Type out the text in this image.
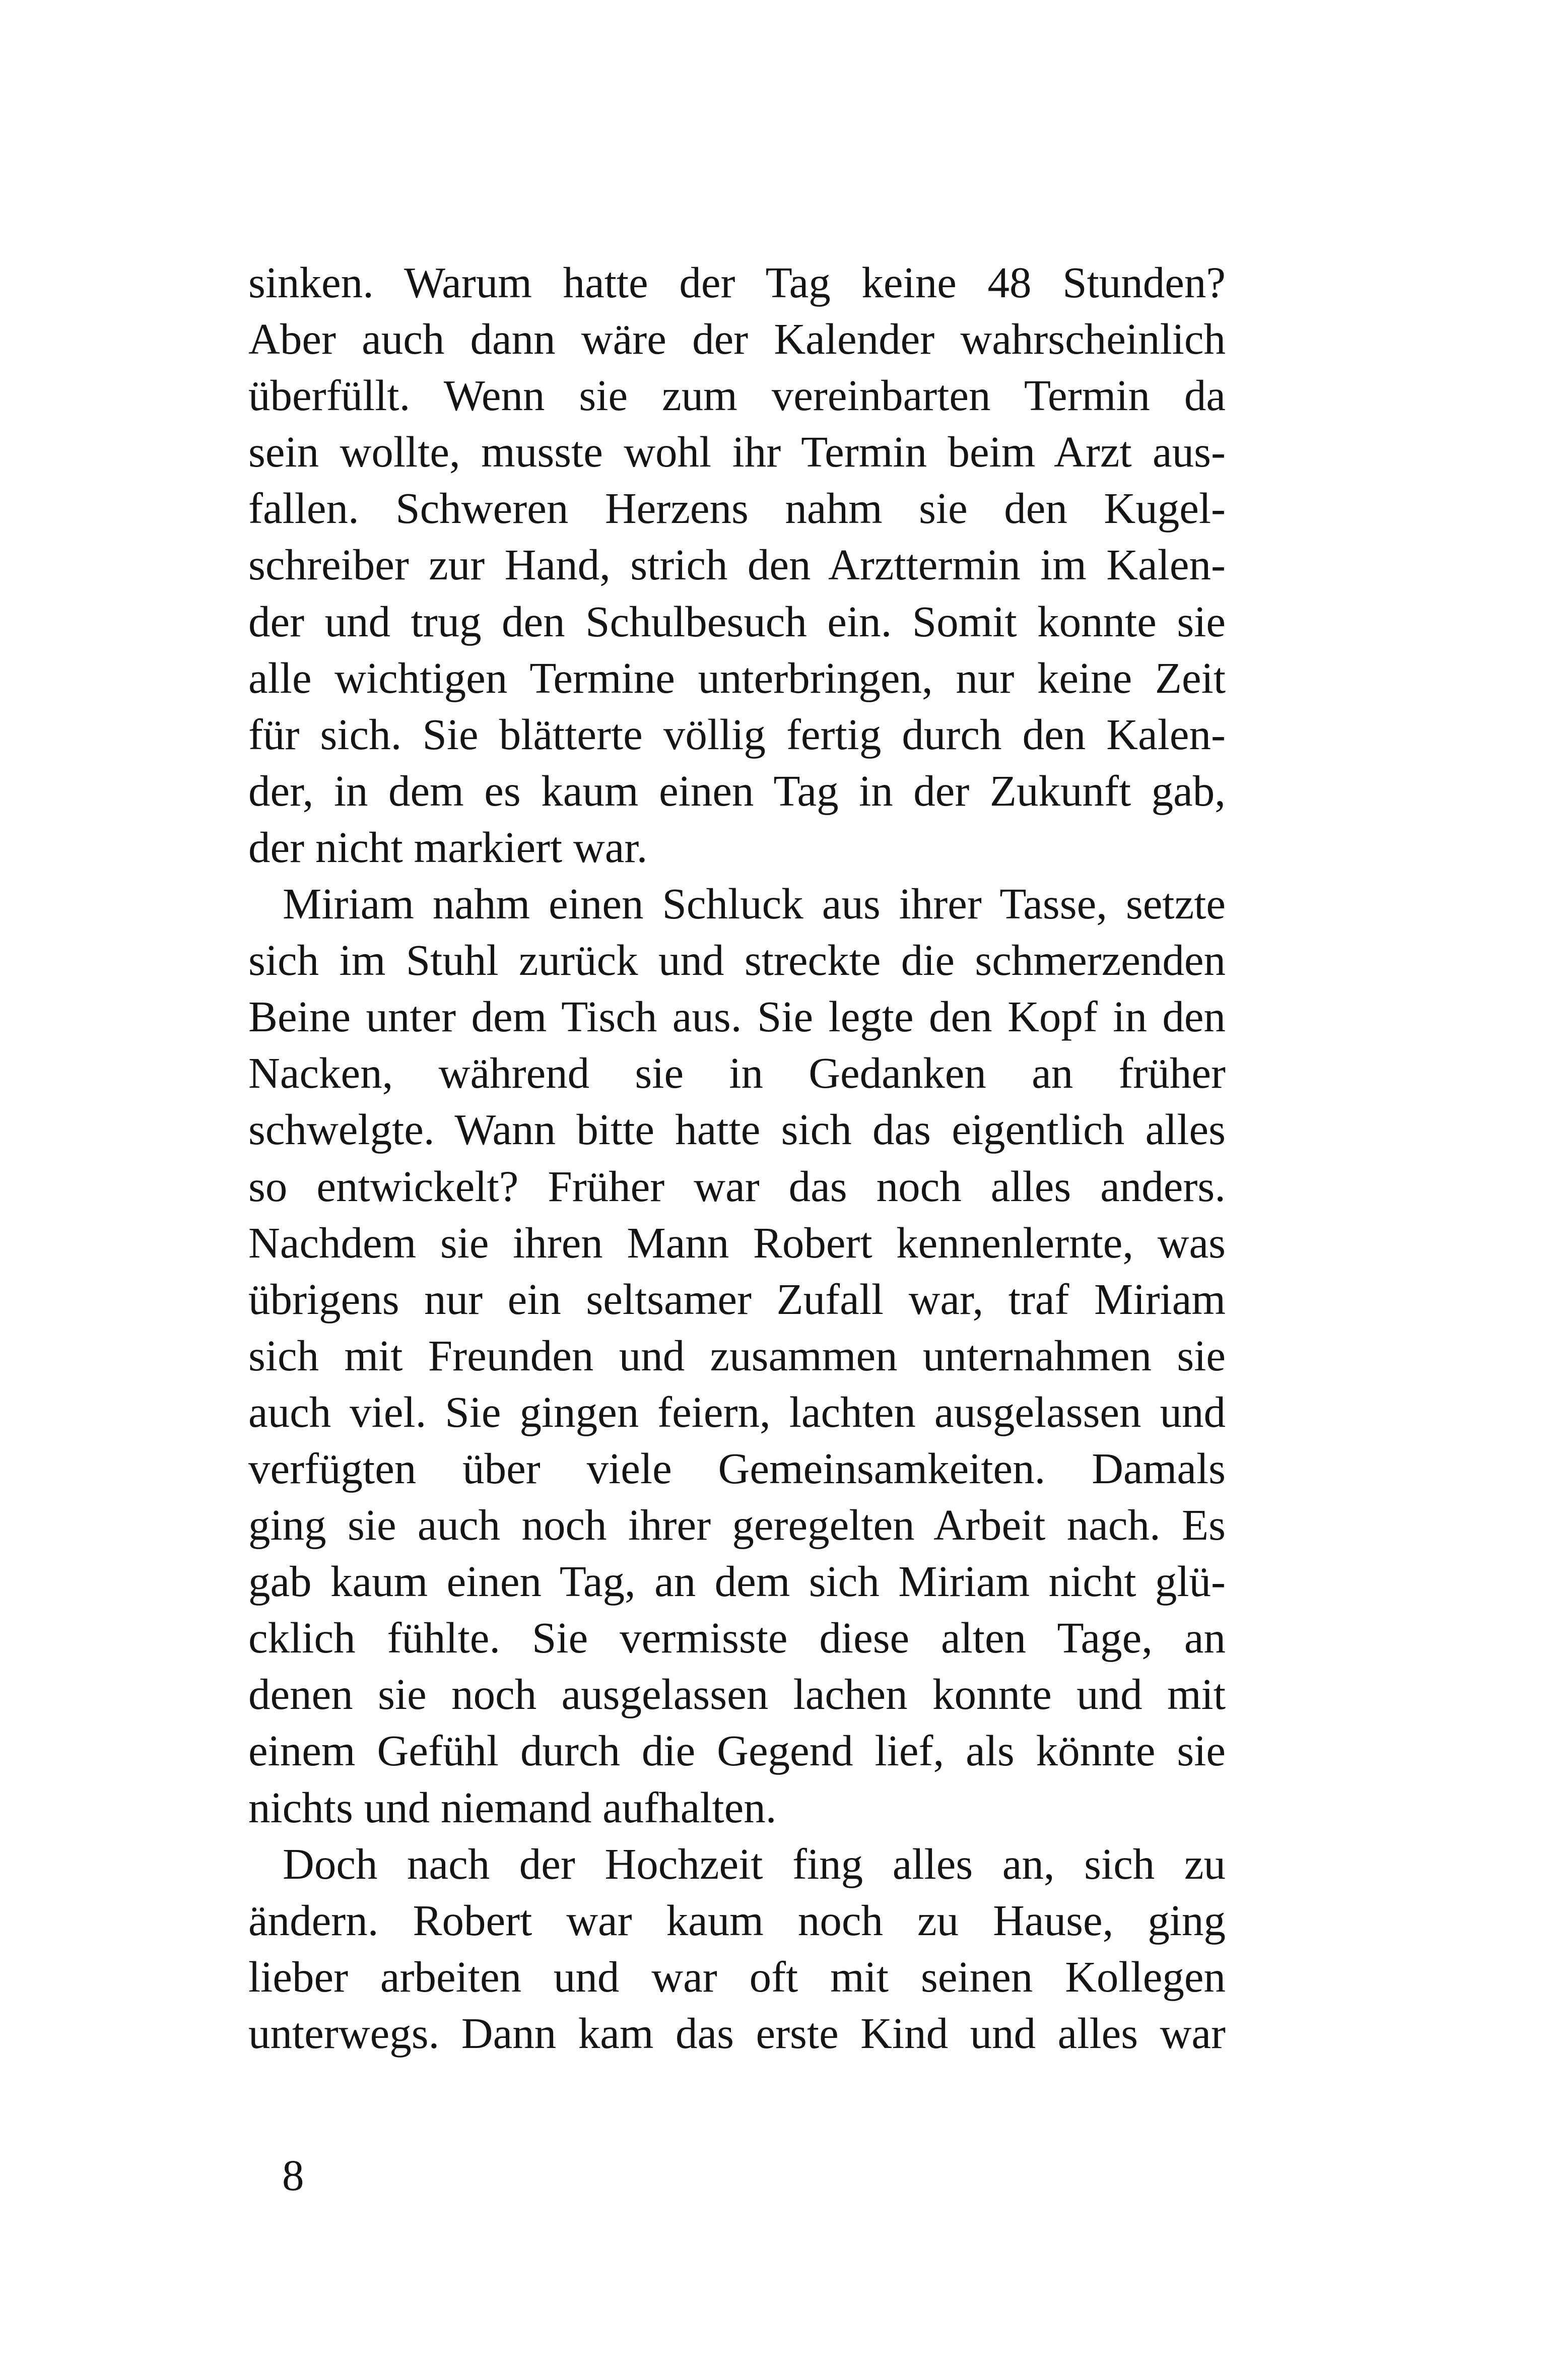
sinken. Warum hatte der Tag keine 48 Stunden?
Aber auch dann wäre der Kalender wahrscheinlich
überfüllt. Wenn sie zum vereinbarten Termin da
sein wollte, musste wohl ihr Termin beim Arzt aus-
fallen. Schweren Herzens nahm sie den Kugel-
schreiber zur Hand, strich den Arzttermin im Kalen-
der und trug den Schulbesuch ein. Somit konnte sie
alle wichtigen Termine unterbringen, nur keine Zeit
für sich. Sie blätterte völlig fertig durch den Kalen-
der, in dem es kaum einen Tag in der Zukunft gab,
der nicht markiert war.
Miriam nahm einen Schluck aus ihrer Tasse, setzte
sich im Stuhl zurück und streckte die schmerzenden
Beine unter dem Tisch aus. Sie legte den Kopf in den
Nacken, während sie in Gedanken an früher
schwelgte. Wann bitte hatte sich das eigentlich alles
so entwickelt? Früher war das noch alles anders.
Nachdem sie ihren Mann Robert kennenlernte, was
übrigens nur ein seltsamer Zufall war, traf Miriam
sich mit Freunden und zusammen unternahmen sie
auch viel. Sie gingen feiern, lachten ausgelassen und
verfügten über viele Gemeinsamkeiten. Damals
ging sie auch noch ihrer geregelten Arbeit nach. Es
gab kaum einen Tag, an dem sich Miriam nicht glü-
cklich fühlte. Sie vermisste diese alten Tage, an
denen sie noch ausgelassen lachen konnte und mit
einem Gefühl durch die Gegend lief, als könnte sie
nichts und niemand aufhalten.
Doch nach der Hochzeit fing alles an, sich zu
ändern. Robert war kaum noch zu Hause, ging
lieber arbeiten und war oft mit seinen Kollegen
unterwegs. Dann kam das erste Kind und alles war
8
